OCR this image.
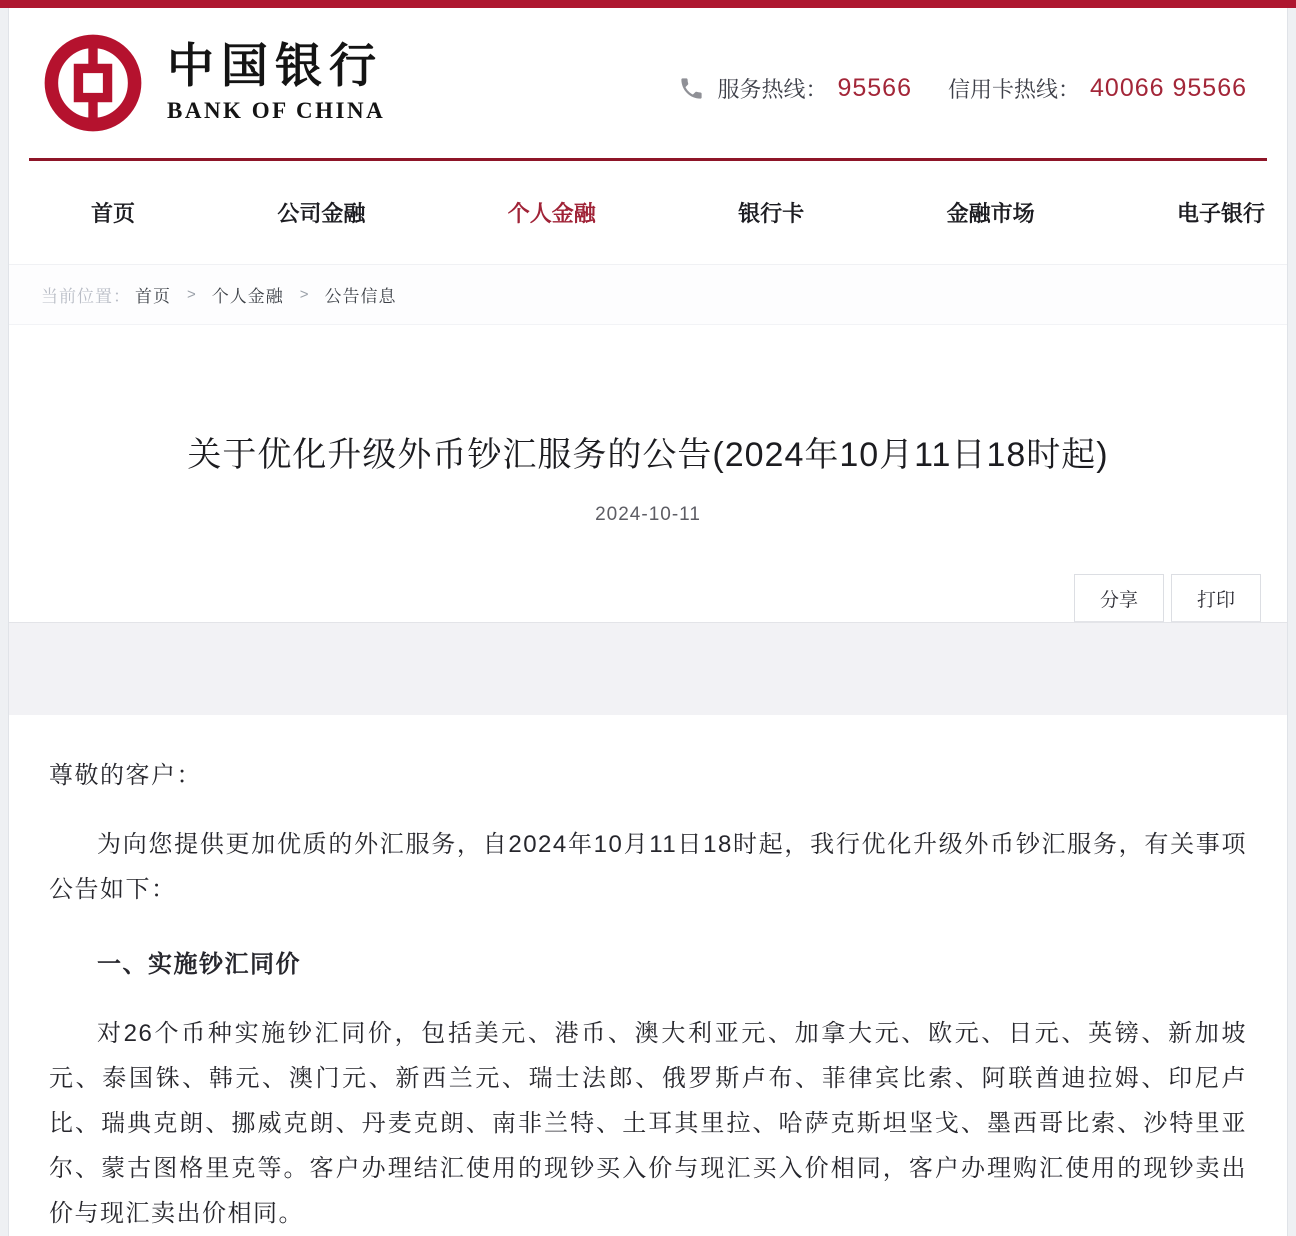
中国银行
BANK OF CHINA
服务热线： 95566 信用卡热线： 40066 95566
首页	公司金融	个人金融	银行卡	金融市场	电子银行
当前位置： 首页 > 个人金融 > 公告信息
关于优化升级外币钞汇服务的公告(2024年10月11日18时起)
2024-10-11
分享	打印

尊敬的客户：

为向您提供更加优质的外汇服务，自2024年10月11日18时起，我行优化升级外币钞汇服务，有关事项公告如下：

一、实施钞汇同价

对26个币种实施钞汇同价，包括美元、港币、澳大利亚元、加拿大元、欧元、日元、英镑、新加坡元、泰国铢、韩元、澳门元、新西兰元、瑞士法郎、俄罗斯卢布、菲律宾比索、阿联酋迪拉姆、印尼卢比、瑞典克朗、挪威克朗、丹麦克朗、南非兰特、土耳其里拉、哈萨克斯坦坚戈、墨西哥比索、沙特里亚尔、蒙古图格里克等。客户办理结汇使用的现钞买入价与现汇买入价相同，客户办理购汇使用的现钞卖出价与现汇卖出价相同。
